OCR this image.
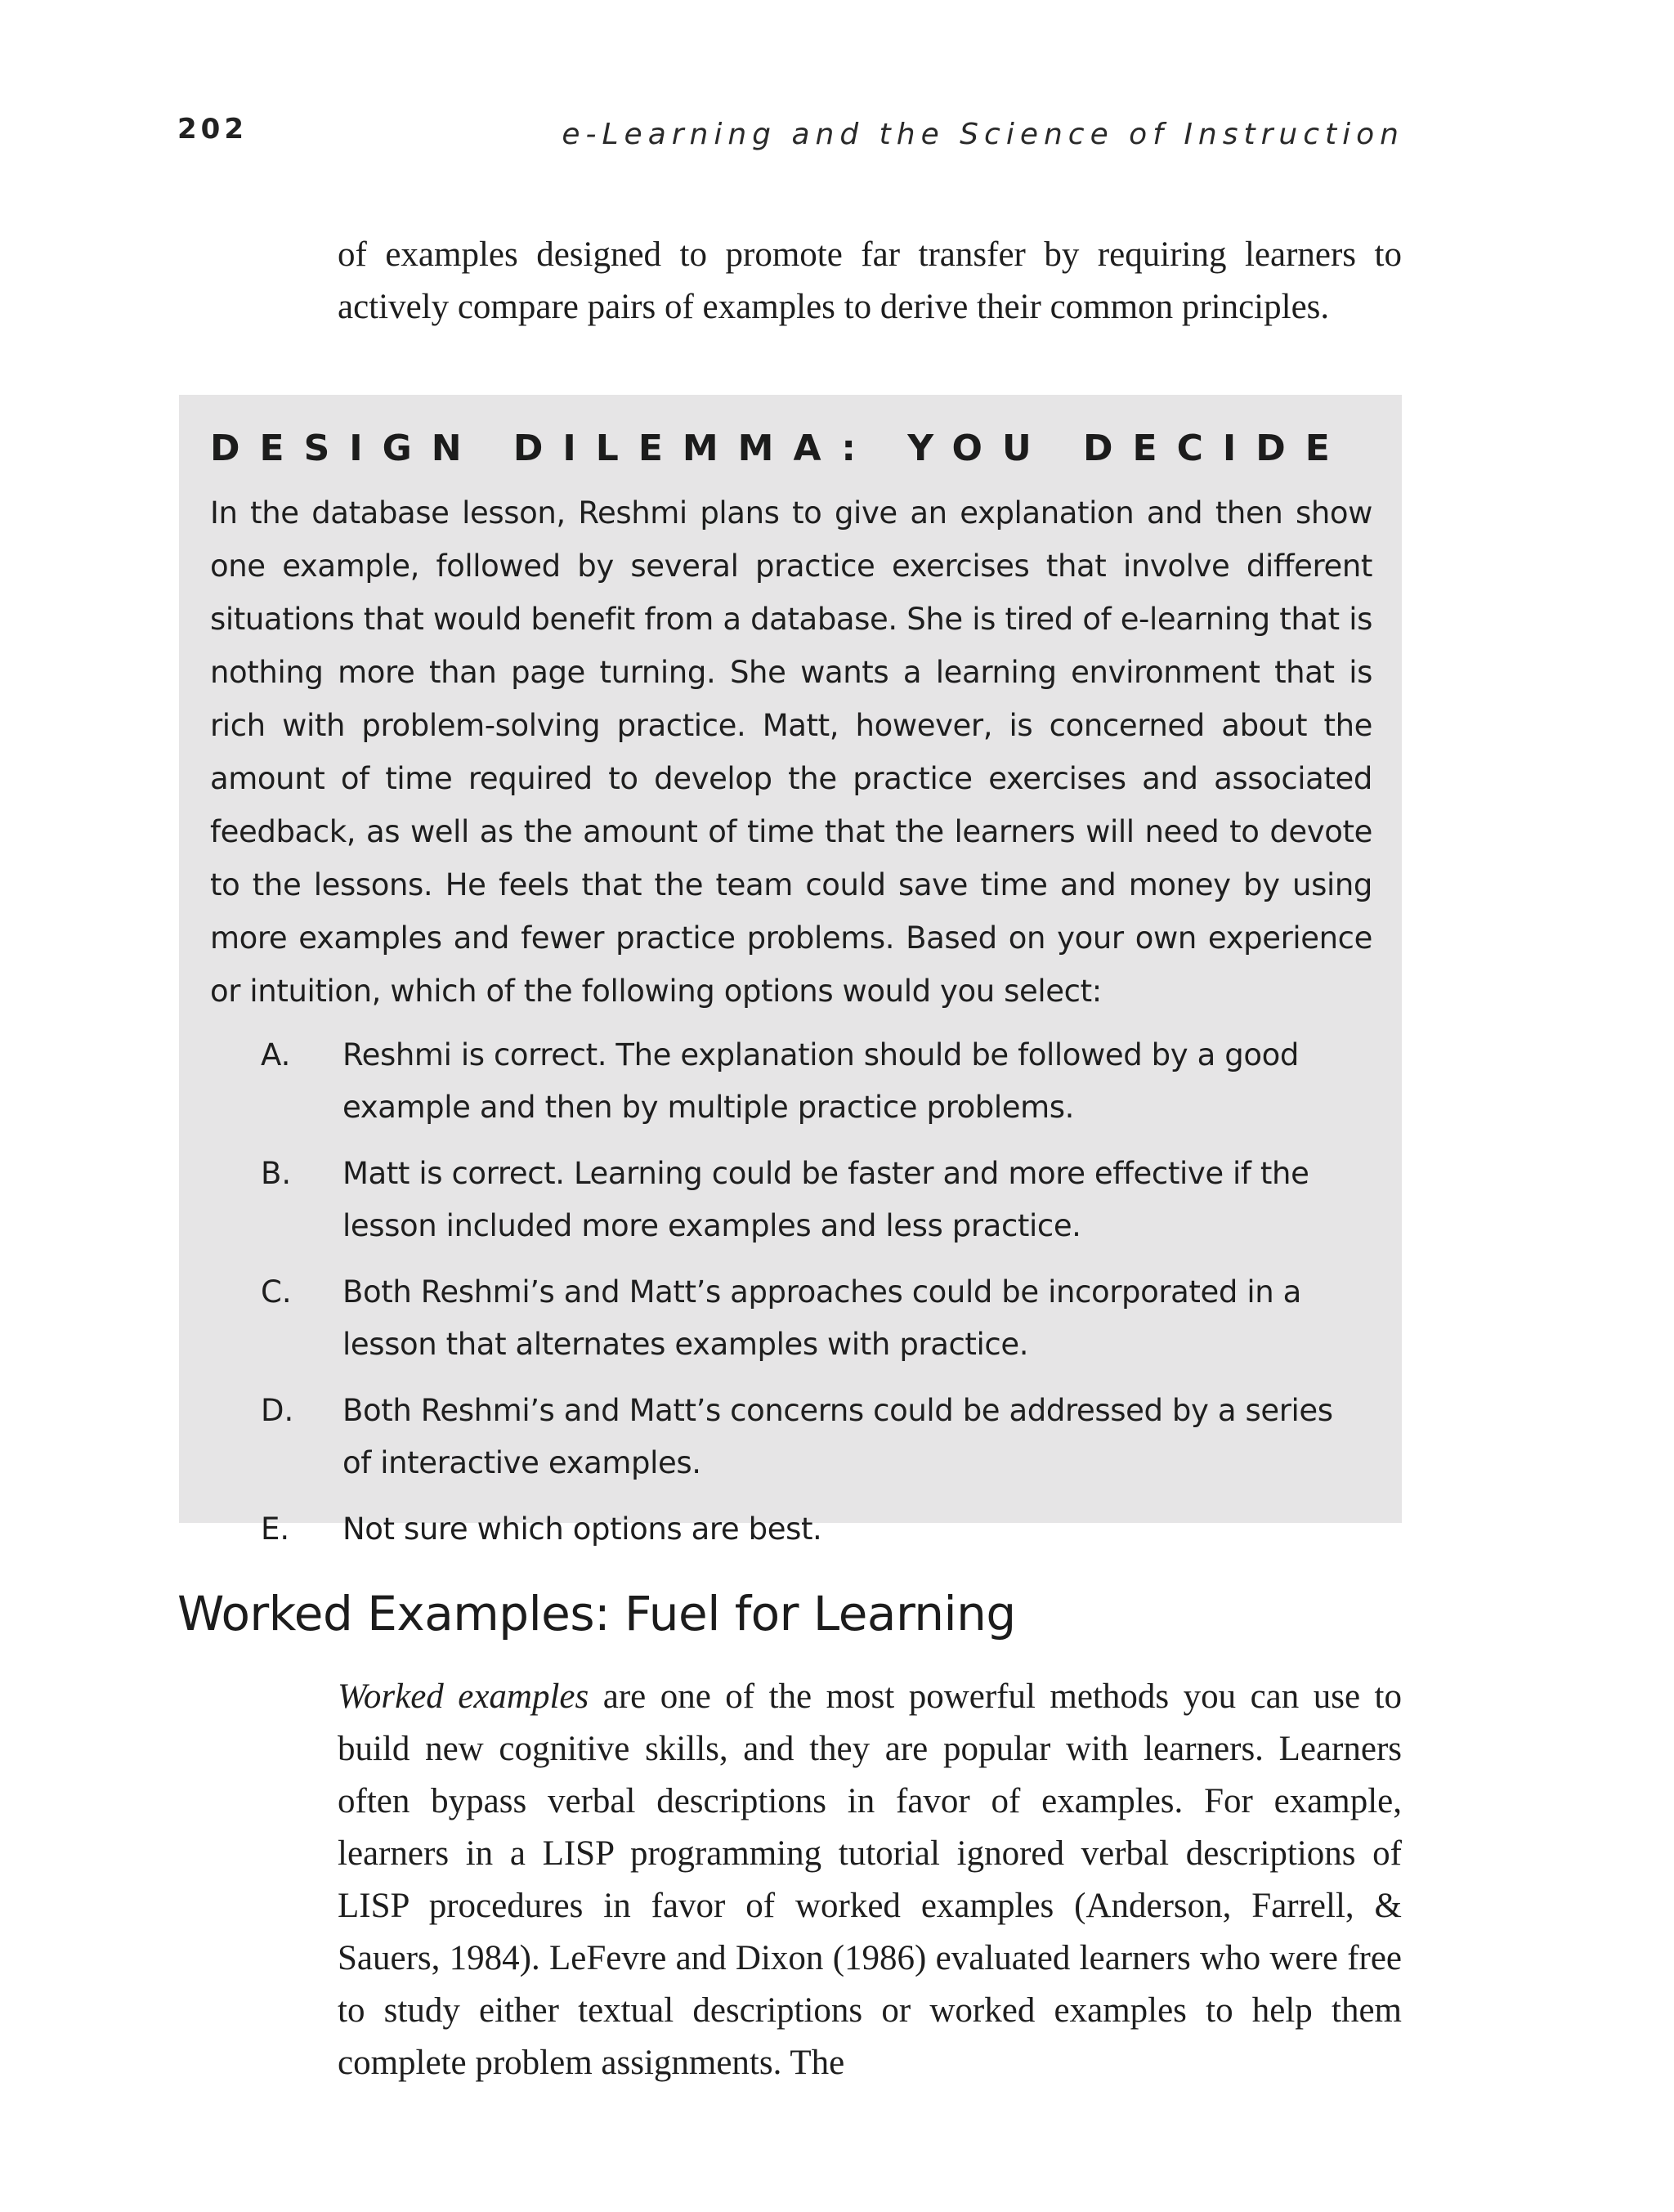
202	e-Learning and the Science of Instruction

of examples designed to promote far transfer by requiring learners to actively compare pairs of examples to derive their common principles.

DESIGN DILEMMA: YOU DECIDE

In the database lesson, Reshmi plans to give an explanation and then show one example, followed by several practice exercises that involve different situations that would benefit from a database. She is tired of e-learning that is nothing more than page turning. She wants a learning environment that is rich with problem-solving practice. Matt, however, is concerned about the amount of time required to develop the practice exercises and associated feedback, as well as the amount of time that the learners will need to devote to the lessons. He feels that the team could save time and money by using more examples and fewer practice problems. Based on your own experience or intuition, which of the following options would you select:

A.	Reshmi is correct. The explanation should be followed by a good example and then by multiple practice problems.
B.	Matt is correct. Learning could be faster and more effective if the lesson included more examples and less practice.
C.	Both Reshmi’s and Matt’s approaches could be incorporated in a lesson that alternates examples with practice.
D.	Both Reshmi’s and Matt’s concerns could be addressed by a series of interactive examples.
E.	Not sure which options are best.
Worked Examples: Fuel for Learning

Worked examples are one of the most powerful methods you can use to build new cognitive skills, and they are popular with learners. Learners often bypass verbal descriptions in favor of examples. For example, learners in a LISP programming tutorial ignored verbal descriptions of LISP procedures in favor of worked examples (Anderson, Farrell, & Sauers, 1984). LeFevre and Dixon (1986) evaluated learners who were free to study either textual descriptions or worked examples to help them complete problem assignments. The
